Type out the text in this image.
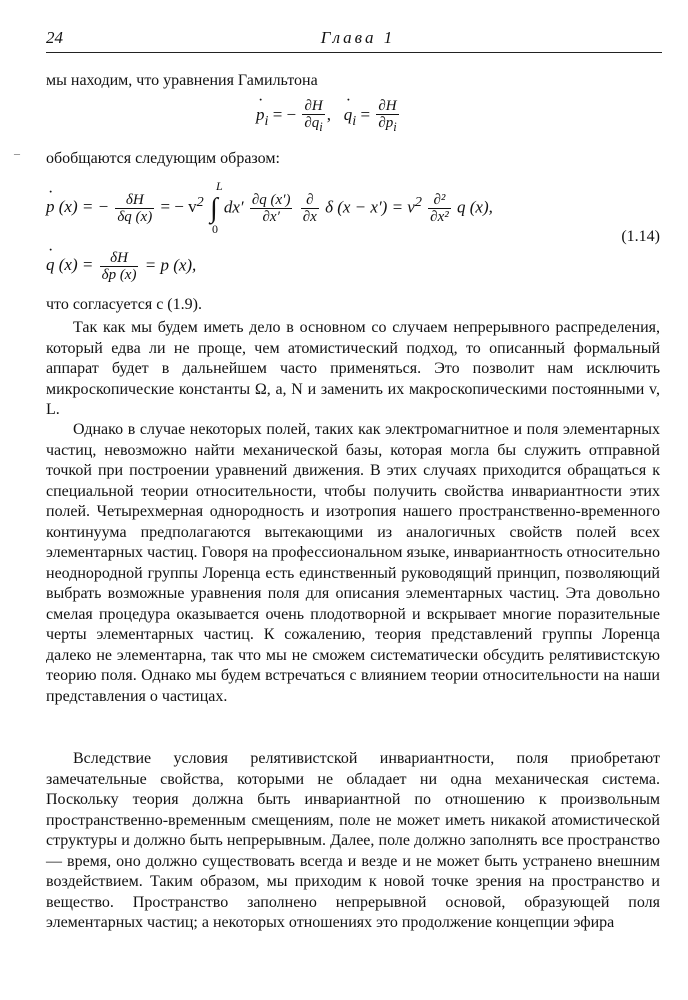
24	Глава 1
мы находим, что уравнения Гамильтона
· $p_i$ = − $\frac{\partial H}{\partial q_i}$ ,   · $q_i = \frac{\partial H}{\partial p_i}$
– обобщаются следующим образом:
· p (x) = − $\frac{\delta H}{\delta q (x)}$ = − $v^2$ ∫
L
0
$dx' \frac{\partial q (x')}{\partial x'}$
$\frac{\partial}{\partial x}$ δ $(x - x') = v^2 \frac{\text{∂²}}{\text{∂x²}}$ q (x),
(1.14)
· q $(x) = \frac{\delta H}{\delta p (x)} = p$ (x),
что согласуется с (1.9).
Так как мы будем иметь дело в основном со случаем непрерывного распределения, который едва ли не проще, чем атомистический подход, то описанный формальный аппарат будет в дальнейшем часто применяться. Это позволит нам исключить микроскопические константы Ω, a, N и заменить их макроскопическими постоянными v, L.
Однако в случае некоторых полей, таких как электромагнитное и поля элементарных частиц, невозможно найти механической базы, которая могла бы служить отправной точкой при построении уравнений движения. В этих случаях приходится обращаться к специальной теории относительности, чтобы получить свойства инвариантности этих полей. Четырехмерная однородность и изотропия нашего пространственно-временного континуума предполагаются вытекающими из аналогичных свойств полей всех элементарных частиц. Говоря на профессиональном языке, инвариантность относительно неоднородной группы Лоренца есть единственный руководящий принцип, позволяющий выбрать возможные уравнения поля для описания элементарных частиц. Эта довольно смелая процедура оказывается очень плодотворной и вскрывает многие поразительные черты элементарных частиц. К сожалению, теория представлений группы Лоренца далеко не элементарна, так что мы не сможем систематически обсудить релятивистскую теорию поля. Однако мы будем встречаться с влиянием теории относительности на наши представления о частицах.
Вследствие условия релятивистской инвариантности, поля приобретают замечательные свойства, которыми не обладает ни одна механическая система. Поскольку теория должна быть инвариантной по отношению к произвольным пространственно-временным смещениям, поле не может иметь никакой атомистической структуры и должно быть непрерывным. Далее, поле должно заполнять все пространство — время, оно должно существовать всегда и везде и не может быть устранено внешним воздействием. Таким образом, мы приходим к новой точке зрения на пространство и вещество. Пространство заполнено непрерывной основой, образующей поля элементарных частиц; а некоторых отношениях это продолжение концепции эфира
